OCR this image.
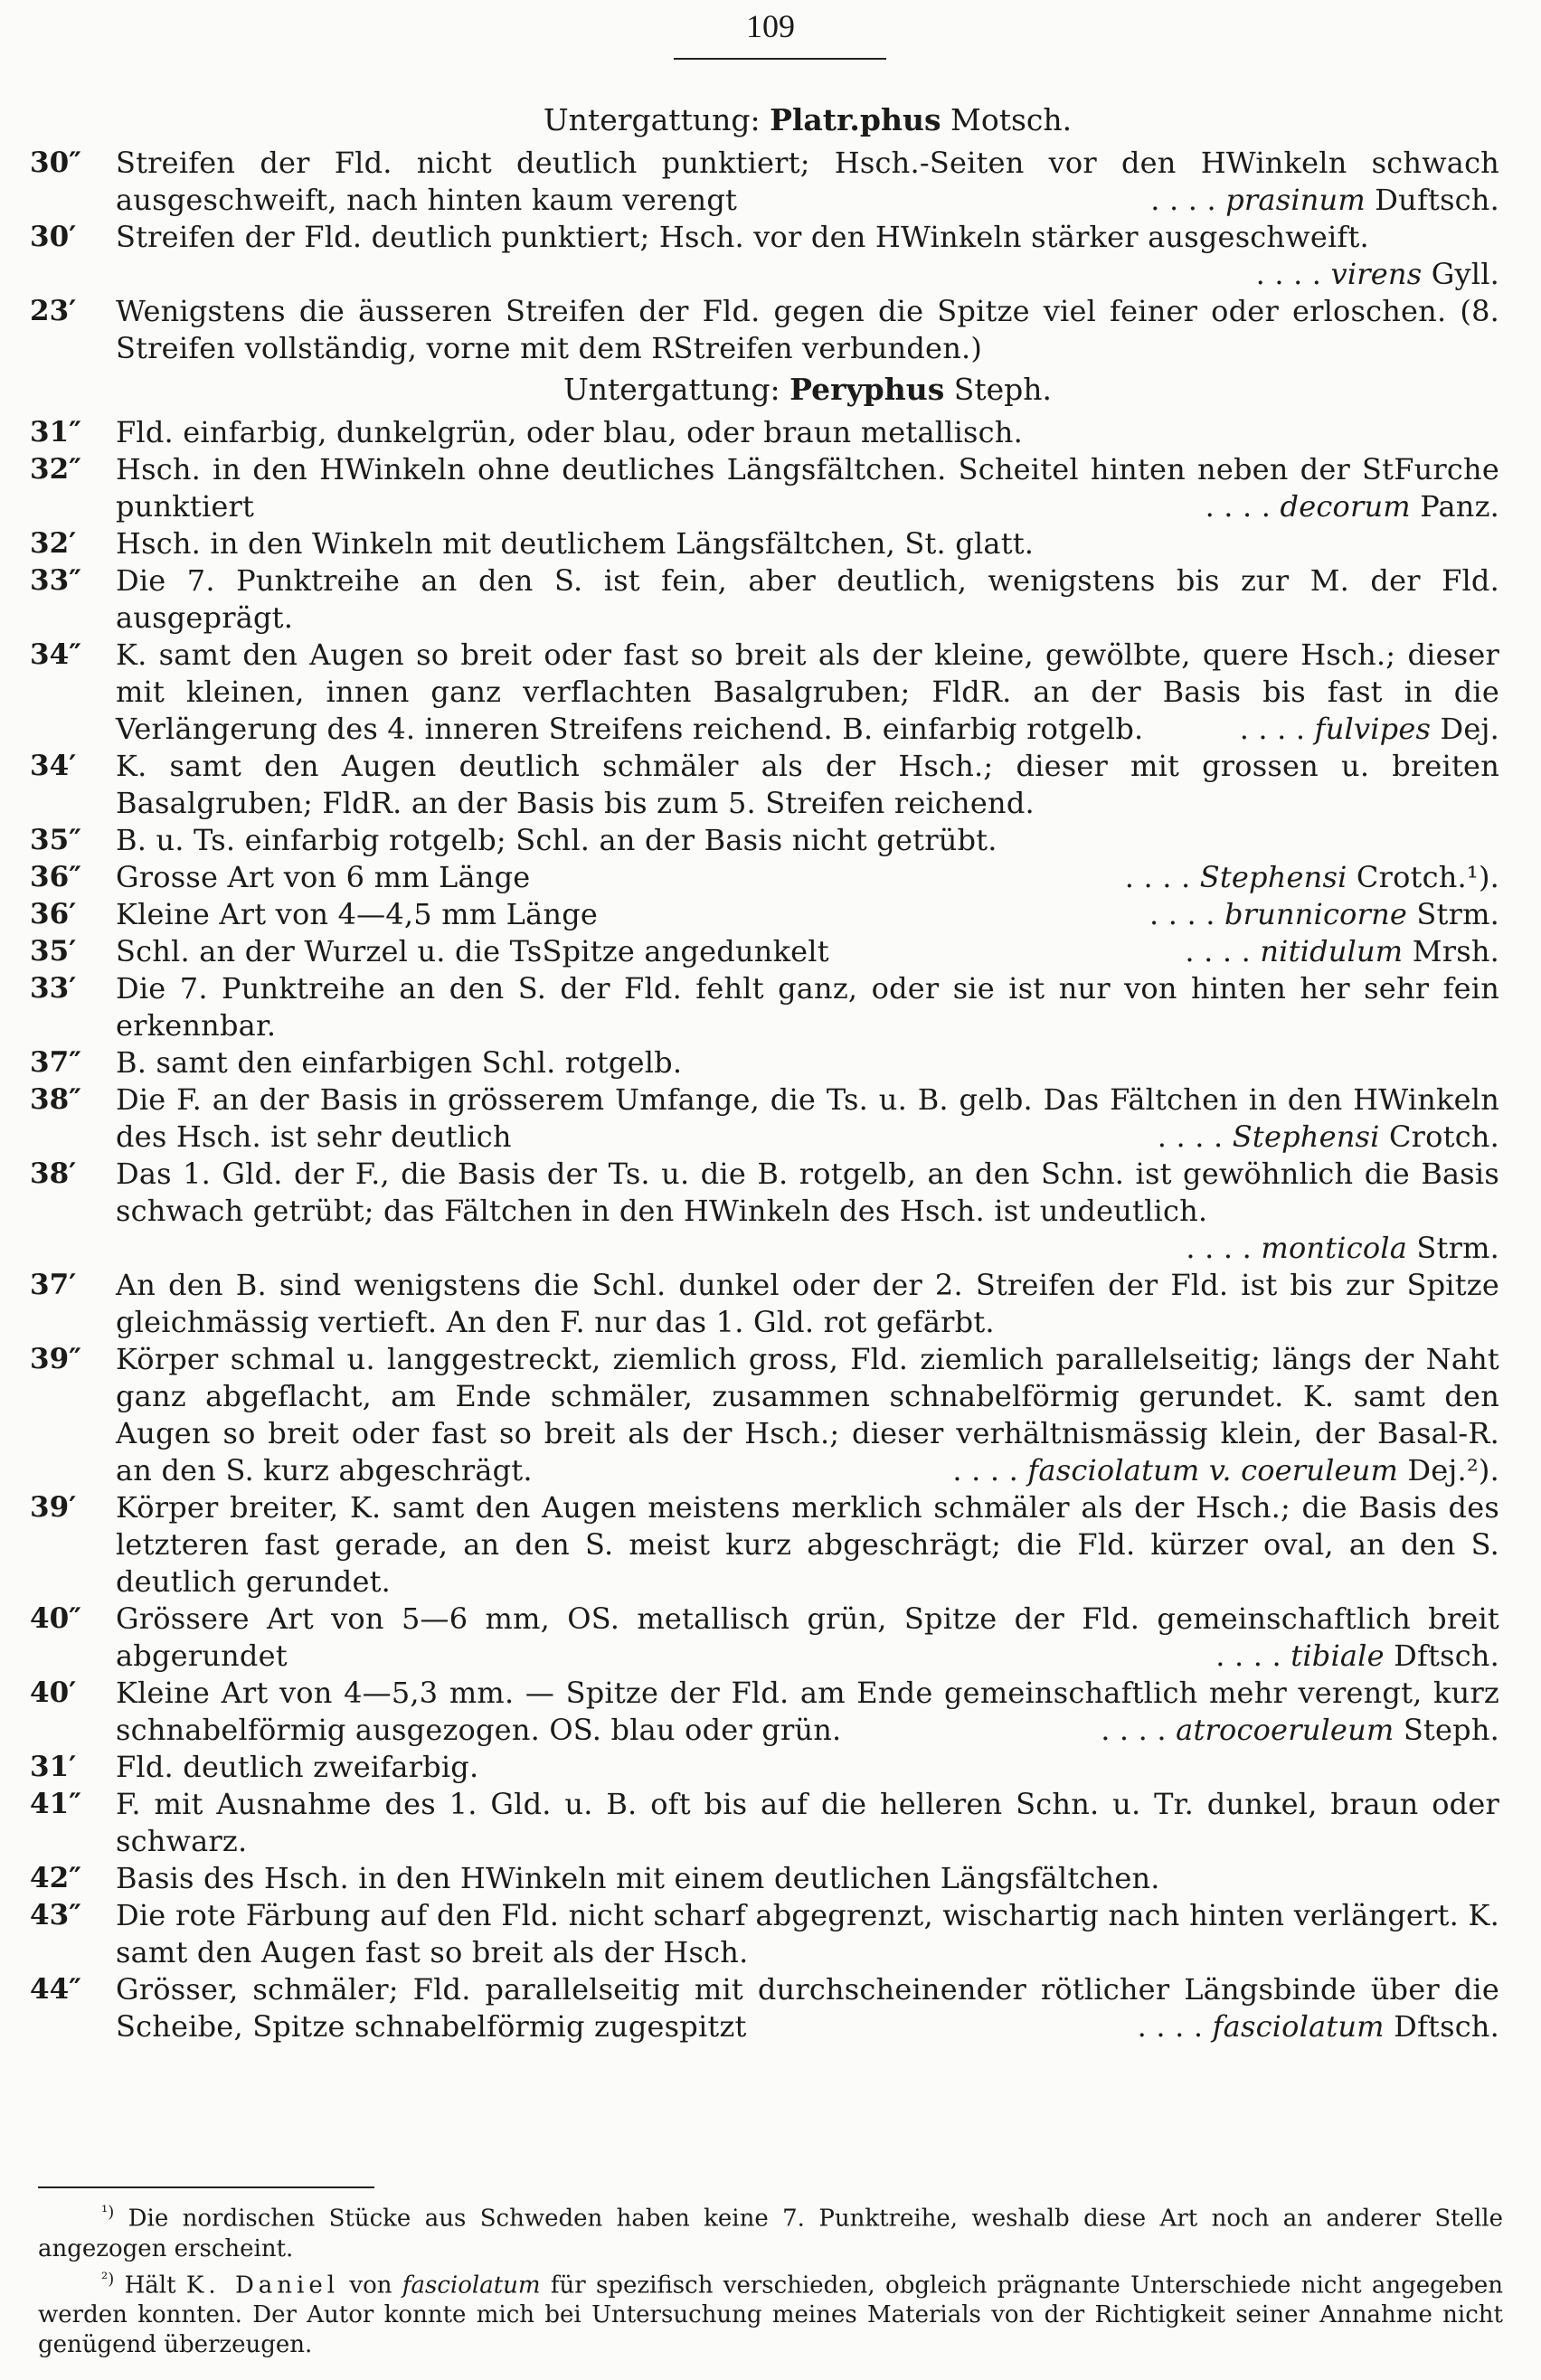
109
Untergattung: Platr.phus Motsch.
30″	Streifen der Fld. nicht deutlich punktiert; Hsch.-Seiten vor den HWinkeln schwach ausgeschweift, nach hinten kaum verengt	. . . . prasinum Duftsch.
30′	Streifen der Fld. deutlich punktiert; Hsch. vor den HWinkeln stärker ausgeschweift.
. . . . virens Gyll.
23′	Wenigstens die äusseren Streifen der Fld. gegen die Spitze viel feiner oder erloschen. (8. Streifen vollständig, vorne mit dem RStreifen verbunden.)
Untergattung: Peryphus Steph.
31″	Fld. einfarbig, dunkelgrün, oder blau, oder braun metallisch.
32″	Hsch. in den HWinkeln ohne deutliches Längsfältchen. Scheitel hinten neben der StFurche punktiert	. . . . decorum Panz.
32′	Hsch. in den Winkeln mit deutlichem Längsfältchen, St. glatt.
33″	Die 7. Punktreihe an den S. ist fein, aber deutlich, wenigstens bis zur M. der Fld. ausgeprägt.
34″	K. samt den Augen so breit oder fast so breit als der kleine, gewölbte, quere Hsch.; dieser mit kleinen, innen ganz verflachten Basalgruben; FldR. an der Basis bis fast in die Verlängerung des 4. inneren Streifens reichend. B. einfarbig rotgelb.	. . . . fulvipes Dej.
34′	K. samt den Augen deutlich schmäler als der Hsch.; dieser mit grossen u. breiten Basalgruben; FldR. an der Basis bis zum 5. Streifen reichend.
35″	B. u. Ts. einfarbig rotgelb; Schl. an der Basis nicht getrübt.
36″	Grosse Art von 6 mm Länge	. . . . Stephensi Crotch.¹).
36′	Kleine Art von 4—4,5 mm Länge	. . . . brunnicorne Strm.
35′	Schl. an der Wurzel u. die TsSpitze angedunkelt	. . . . nitidulum Mrsh.
33′	Die 7. Punktreihe an den S. der Fld. fehlt ganz, oder sie ist nur von hinten her sehr fein erkennbar.
37″	B. samt den einfarbigen Schl. rotgelb.
38″	Die F. an der Basis in grösserem Umfange, die Ts. u. B. gelb. Das Fältchen in den HWinkeln des Hsch. ist sehr deutlich	. . . . Stephensi Crotch.
38′	Das 1. Gld. der F., die Basis der Ts. u. die B. rotgelb, an den Schn. ist gewöhnlich die Basis schwach getrübt; das Fältchen in den HWinkeln des Hsch. ist undeutlich.
. . . . monticola Strm.
37′	An den B. sind wenigstens die Schl. dunkel oder der 2. Streifen der Fld. ist bis zur Spitze gleichmässig vertieft. An den F. nur das 1. Gld. rot gefärbt.
39″	Körper schmal u. langgestreckt, ziemlich gross, Fld. ziemlich parallelseitig; längs der Naht ganz abgeflacht, am Ende schmäler, zusammen schnabelförmig gerundet. K. samt den Augen so breit oder fast so breit als der Hsch.; dieser verhältnismässig klein, der Basal-R. an den S. kurz abgeschrägt.	. . . . fasciolatum v. coeruleum Dej.²).
39′	Körper breiter, K. samt den Augen meistens merklich schmäler als der Hsch.; die Basis des letzteren fast gerade, an den S. meist kurz abgeschrägt; die Fld. kürzer oval, an den S. deutlich gerundet.
40″	Grössere Art von 5—6 mm, OS. metallisch grün, Spitze der Fld. gemeinschaftlich breit abgerundet	. . . . tibiale Dftsch.
40′	Kleine Art von 4—5,3 mm. — Spitze der Fld. am Ende gemeinschaftlich mehr verengt, kurz schnabelförmig ausgezogen. OS. blau oder grün.	. . . . atrocoeruleum Steph.
31′	Fld. deutlich zweifarbig.
41″	F. mit Ausnahme des 1. Gld. u. B. oft bis auf die helleren Schn. u. Tr. dunkel, braun oder schwarz.
42″	Basis des Hsch. in den HWinkeln mit einem deutlichen Längsfältchen.
43″	Die rote Färbung auf den Fld. nicht scharf abgegrenzt, wischartig nach hinten verlängert. K. samt den Augen fast so breit als der Hsch.
44″	Grösser, schmäler; Fld. parallelseitig mit durchscheinender rötlicher Längsbinde über die Scheibe, Spitze schnabelförmig zugespitzt	. . . . fasciolatum Dftsch.

$^{^1)}$ Die nordischen Stücke aus Schweden haben keine 7. Punktreihe, weshalb diese Art noch an anderer Stelle angezogen erscheint.

$^{^2)}$ Hält K. Daniel von fasciolatum für spezifisch verschieden, obgleich prägnante Unterschiede nicht angegeben werden konnten. Der Autor konnte mich bei Untersuchung meines Materials von der Richtigkeit seiner Annahme nicht genügend überzeugen.
